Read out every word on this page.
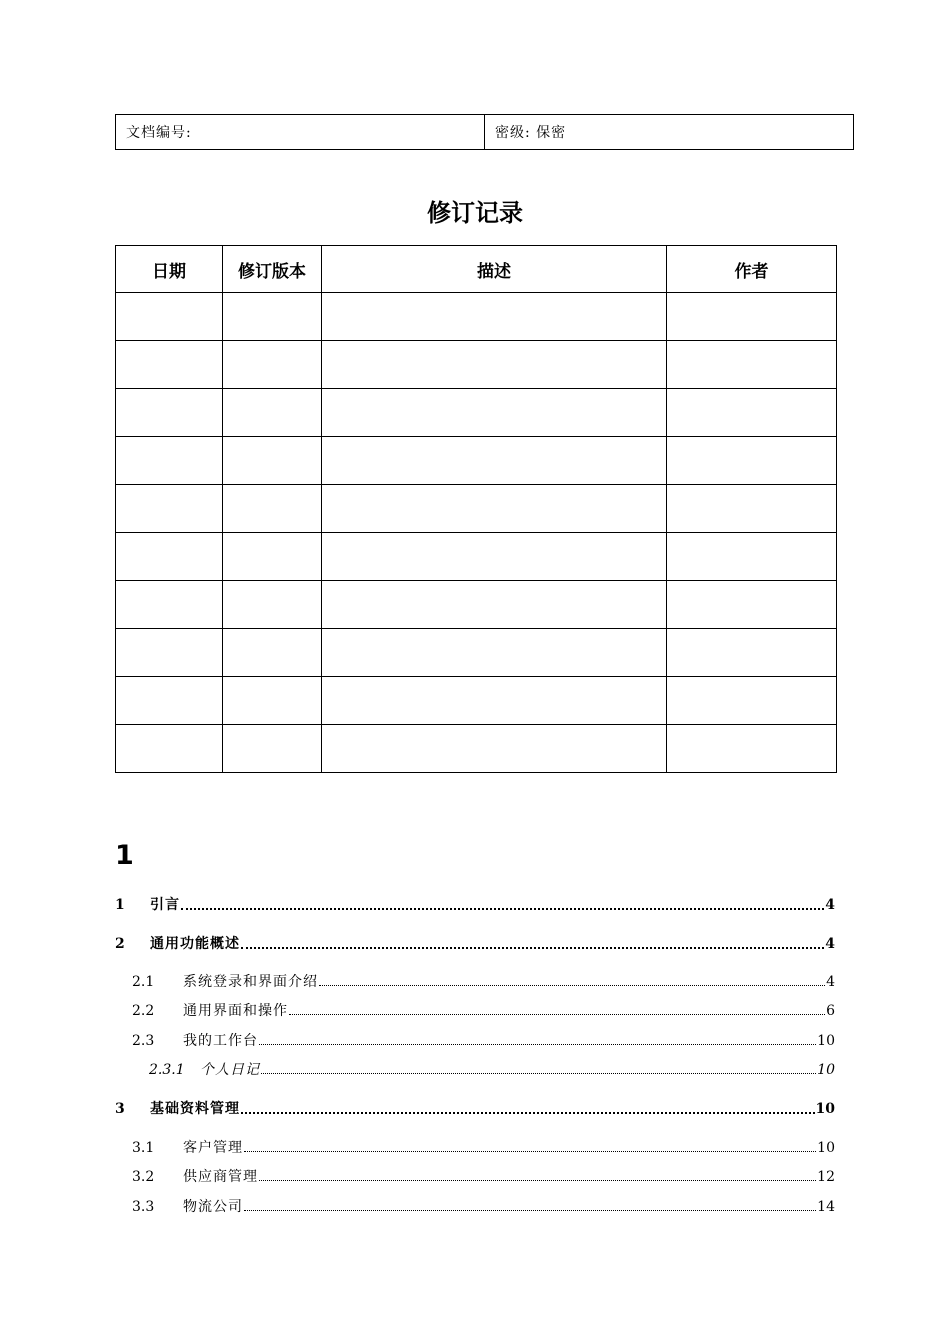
文档编号:	密级: 保密
修订记录
日期	修订版本	描述	作者

1
1	引言	4
2	通用功能概述	4
2.1	系统登录和界面介绍	4
2.2	通用界面和操作	6
2.3	我的工作台	10
2.3.1	个人日记	10
3	基础资料管理	10
3.1	客户管理	10
3.2	供应商管理	12
3.3	物流公司	14
